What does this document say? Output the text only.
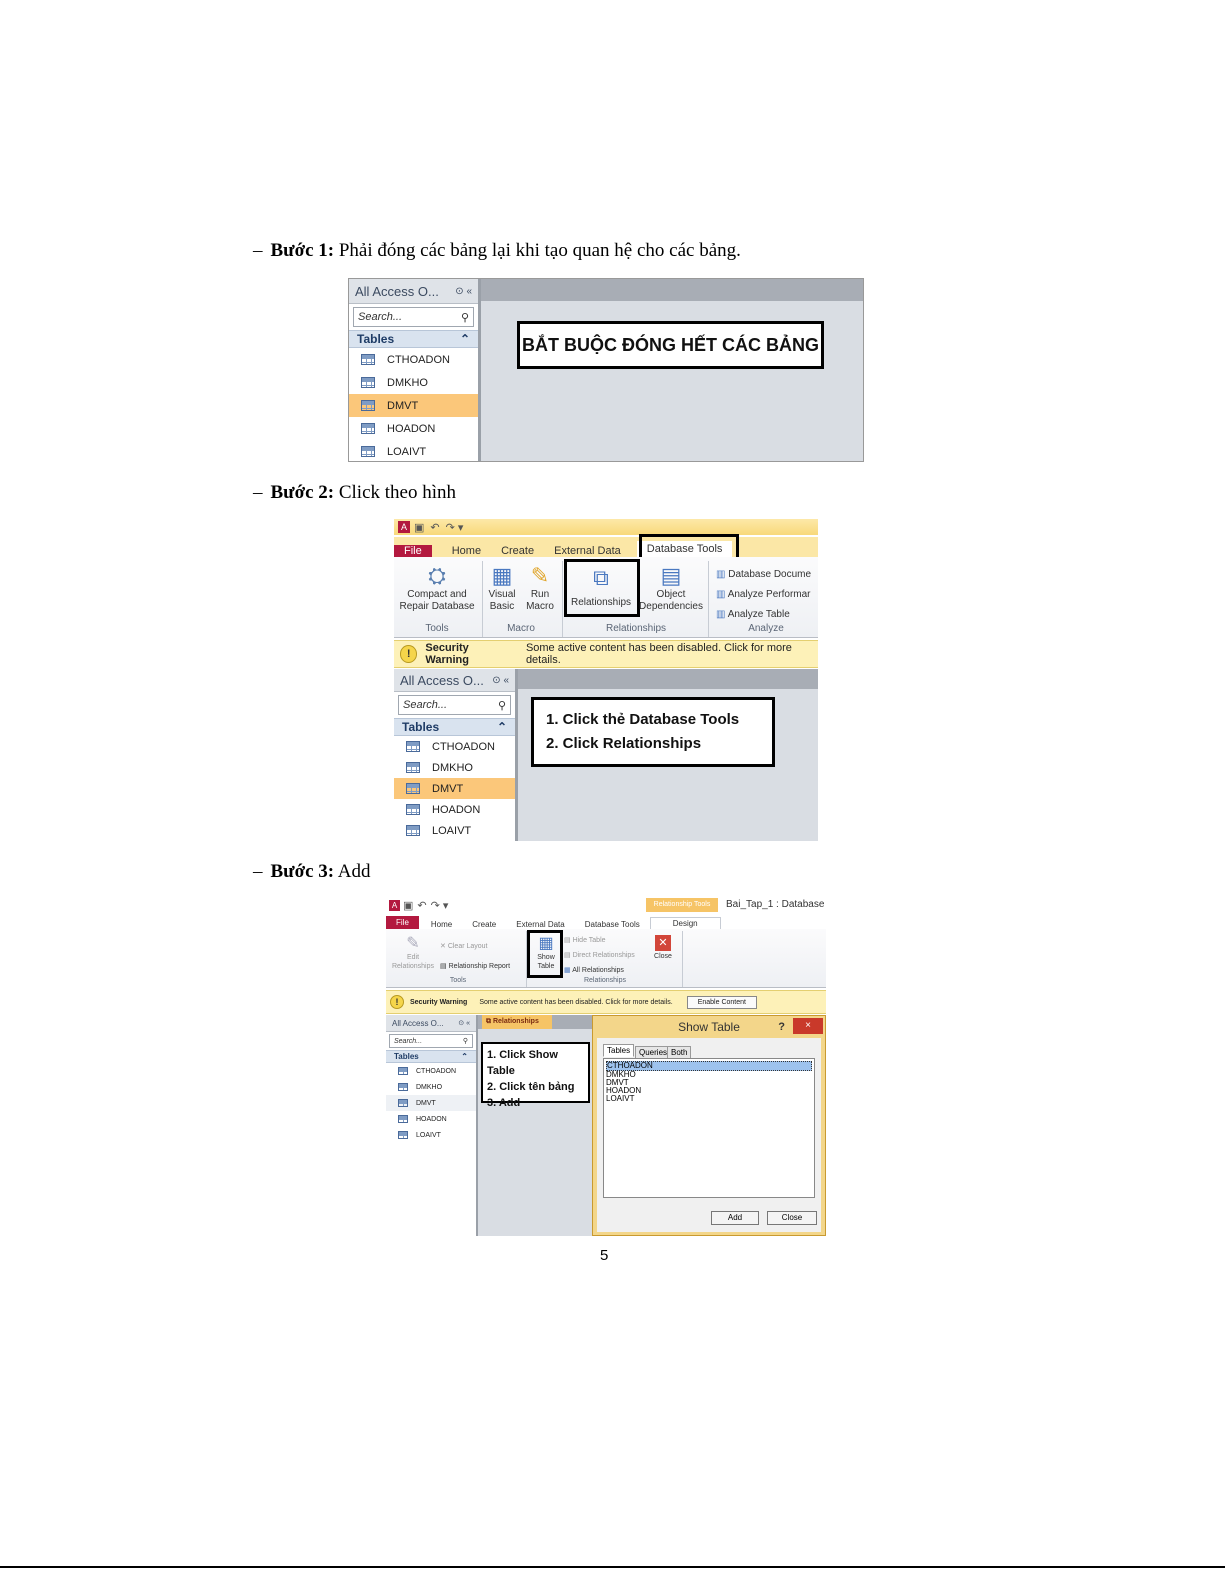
– Bước 1: Phải đóng các bảng lại khi tạo quan hệ cho các bảng.
All Access O... ⊙ «
Search...	⚲
Tables	⌃
CTHOADON
DMKHO
DMVT
HOADON
LOAIVT
BẮT BUỘC ĐÓNG HẾT CÁC BẢNG
– Bước 2: Click theo hình
A ▣ ↶ ↷ ▾
File	Home	Create	External Data	Database Tools
⛭
Compact and Repair Database
Tools
▦
Visual Basic
✎
Run Macro
Macro
⧉
Relationships
▤
Object Dependencies
Relationships
▥ Database Docume
▥ Analyze Performar
▥ Analyze Table
Analyze
!	Security Warning
Some active content has been disabled. Click for more details.
All Access O... ⊙ «
Search...	⚲
Tables	⌃
CTHOADON
DMKHO
DMVT
HOADON
LOAIVT
1. Click thẻ Database Tools
2. Click Relationships
– Bước 3: Add
A ▣ ↶ ↷ ▾	Relationship Tools	Bai_Tap_1 : Database
File	Home	Create	External Data	Database Tools	Design
✎
Edit Relationships
✕ Clear Layout
▤ Relationship Report
Tools
▦
Show Table
▤ Hide Table
▤ Direct Relationships
▦ All Relationships
✕
Close
Relationships
!	Security Warning Some active content has been disabled. Click for more details.	Enable Content
All Access O... ⊙ «
Search...	⚲
Tables	⌃
CTHOADON
DMKHO
DMVT
HOADON
LOAIVT
⧉ Relationships
1. Click Show Table
2. Click tên bảng
3. Add
Show Table	?	×
Tables	Queries Both
CTHOADON
DMKHO
DMVT
HOADON
LOAIVT
Add	Close
5
